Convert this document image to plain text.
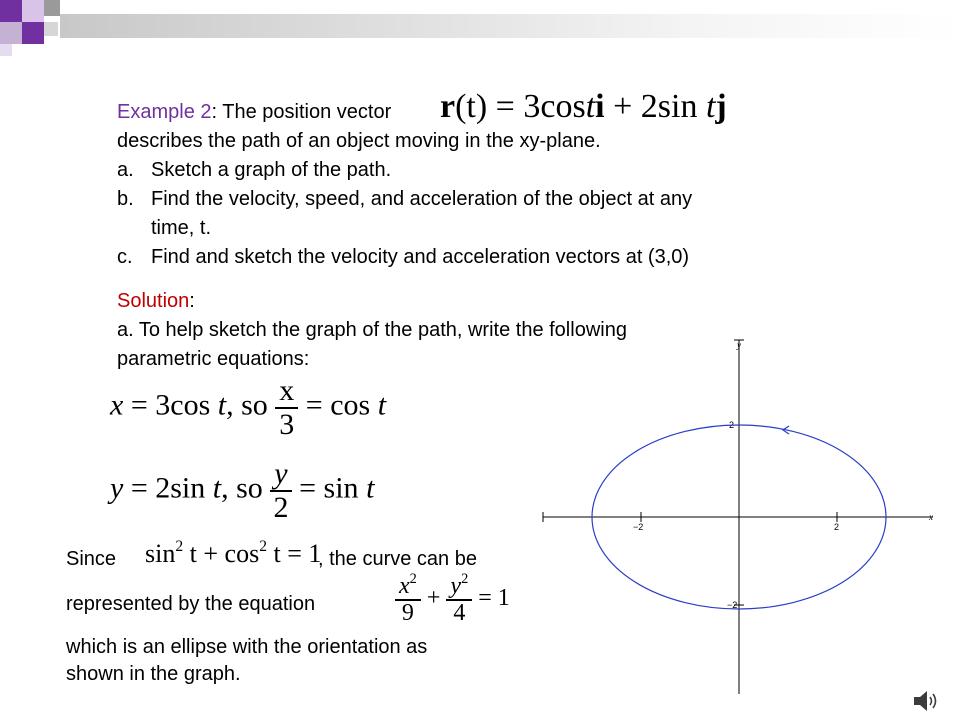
Example 2: The position vector r(t) = 3costi + 2sin tj
describes the path of an object moving in the xy-plane.
a. Sketch a graph of the path.
b. Find the velocity, speed, and acceleration of the object at any
time, t.
c. Find and sketch the velocity and acceleration vectors at (3,0)
Solution:
a. To help sketch the graph of the path, write the following
parametric equations:
x = 3cos t, so $\frac{x}{3} = \cos t$
y = 2sin t, so $\frac{y}{2} = \sin t$
Since $\sin^2 t + \cos^2 t = 1$
, the curve can be
represented by the equation	$\frac{x^2}{9} + \frac{y^2}{4} = 1$
which is an ellipse with the orientation as
shown in the graph.
−2	2
2
−2
x
y
